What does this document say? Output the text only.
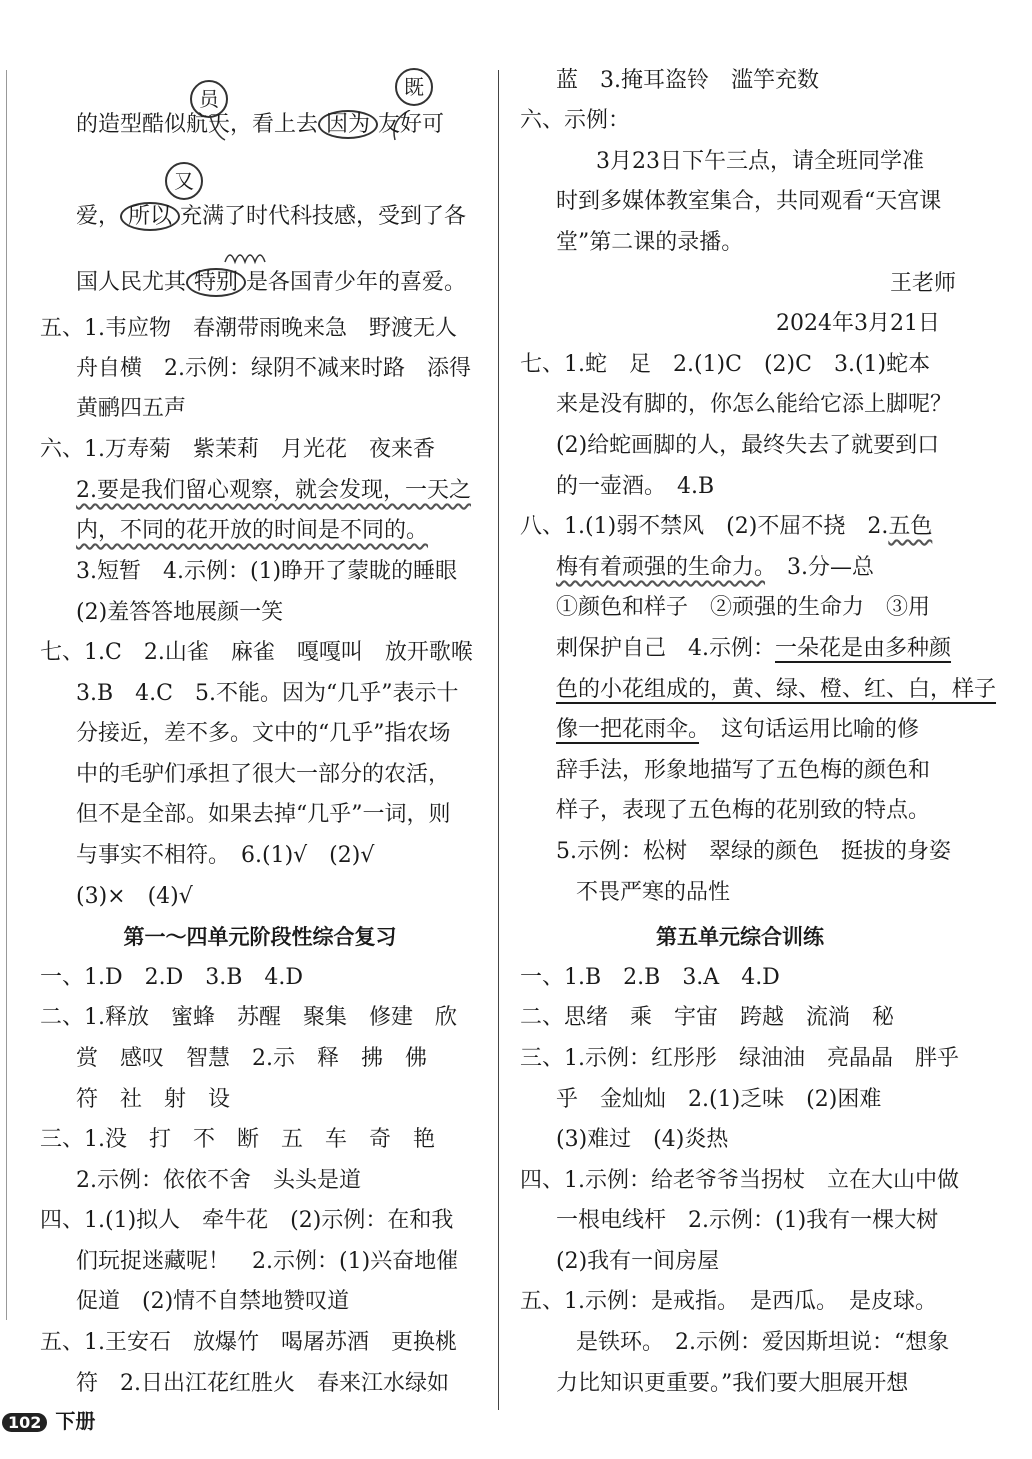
员	既
的造型酷似航天，看上去 因为 友好可
又
爱， 所以 充满了时代科技感，受到了各
国人民尤其 特别 是各国青少年的喜爱。
五、1.韦应物　春潮带雨晚来急　野渡无人
舟自横　2.示例：绿阴不减来时路　添得
黄鹂四五声
六、1.万寿菊　紫茉莉　月光花　夜来香
2.要是我们留心观察，就会发现，一天之
内，不同的花开放的时间是不同的。
3.短暂　4.示例：(1)睁开了蒙眬的睡眼
(2)羞答答地展颜一笑
七、1.C　2.山雀　麻雀　嘎嘎叫　放开歌喉
3.B　4.C　5.不能。因为“几乎”表示十
分接近，差不多。文中的“几乎”指农场
中的毛驴们承担了很大一部分的农活，
但不是全部。如果去掉“几乎”一词，则
与事实不相符。　6.(1)√　(2)√
(3)×　(4)√
第一～四单元阶段性综合复习
一、1.D　2.D　3.B　4.D
二、1.释放　蜜蜂　苏醒　聚集　修建　欣
赏　感叹　智慧　2.示　释　拂　佛
符　社　射　设
三、1.没　打　不　断　五　车　奇　艳
2.示例：依依不舍　头头是道
四、1.(1)拟人　牵牛花　(2)示例：在和我
们玩捉迷藏呢！　2.示例：(1)兴奋地催
促道　(2)情不自禁地赞叹道
五、1.王安石　放爆竹　喝屠苏酒　更换桃
符　2.日出江花红胜火　春来江水绿如
蓝　3.掩耳盗铃　滥竽充数
六、示例：
3月23日下午三点，请全班同学准
时到多媒体教室集合，共同观看“天宫课
堂”第二课的录播。
王老师
2024年3月21日
七、1.蛇　足　2.(1)C　(2)C　3.(1)蛇本
来是没有脚的，你怎么能给它添上脚呢？
(2)给蛇画脚的人，最终失去了就要到口
的一壶酒。　4.B
八、1.(1)弱不禁风　(2)不屈不挠　2.五色
梅有着顽强的生命力。　3.分—总
①颜色和样子　②顽强的生命力　③用
刺保护自己　4.示例：一朵花是由多种颜
色的小花组成的，黄、绿、橙、红、白，样子
像一把花雨伞。　这句话运用比喻的修
辞手法，形象地描写了五色梅的颜色和
样子，表现了五色梅的花别致的特点。
5.示例：松树　翠绿的颜色　挺拔的身姿
不畏严寒的品性
第五单元综合训练
一、1.B　2.B　3.A　4.D
二、思绪　乘　宇宙　跨越　流淌　秘
三、1.示例：红彤彤　绿油油　亮晶晶　胖乎
乎　金灿灿　2.(1)乏味　(2)困难
(3)难过　(4)炎热
四、1.示例：给老爷爷当拐杖　立在大山中做
一根电线杆　2.示例：(1)我有一棵大树
(2)我有一间房屋
五、1.示例：是戒指。　是西瓜。　是皮球。
是铁环。　2.示例：爱因斯坦说：“想象
力比知识更重要。”我们要大胆展开想
102 下册
